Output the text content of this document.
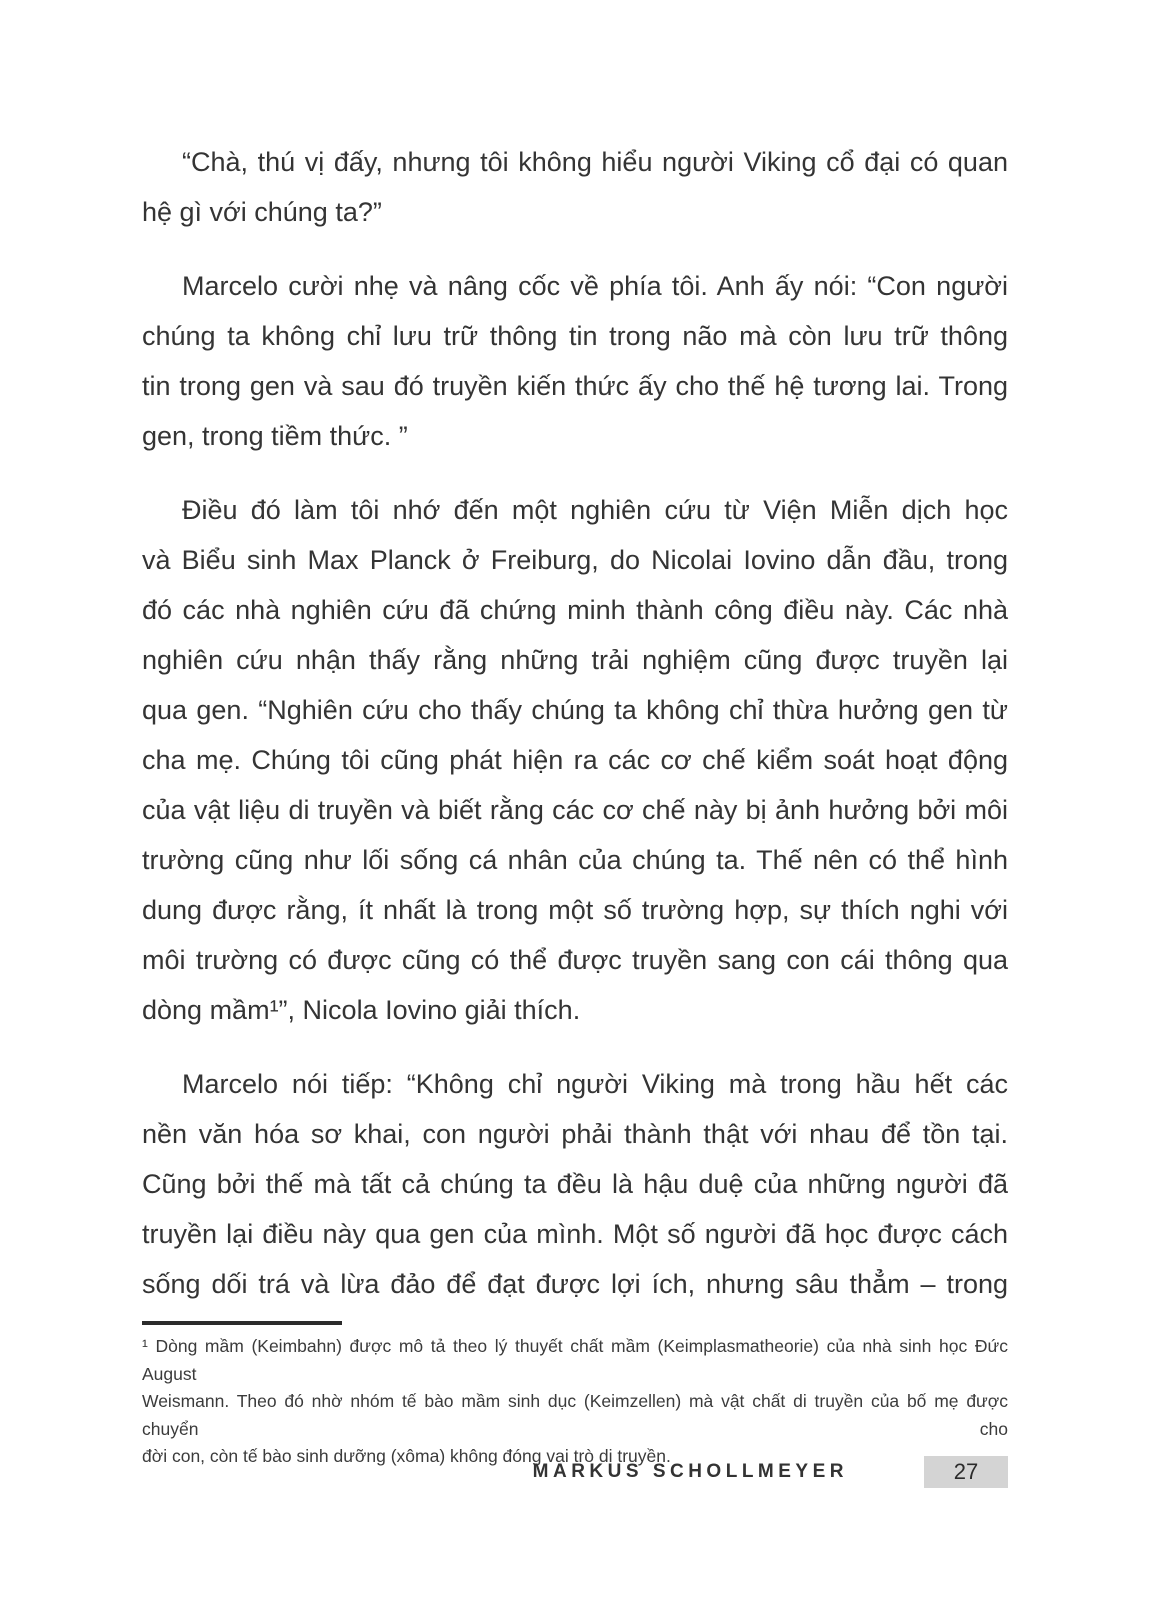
“Chà, thú vị đấy, nhưng tôi không hiểu người Viking cổ đại có quan
hệ gì với chúng ta?”
Marcelo cười nhẹ và nâng cốc về phía tôi. Anh ấy nói: “Con người
chúng ta không chỉ lưu trữ thông tin trong não mà còn lưu trữ thông
tin trong gen và sau đó truyền kiến thức ấy cho thế hệ tương lai. Trong
gen, trong tiềm thức. ”
Điều đó làm tôi nhớ đến một nghiên cứu từ Viện Miễn dịch học
và Biểu sinh Max Planck ở Freiburg, do Nicolai Iovino dẫn đầu, trong
đó các nhà nghiên cứu đã chứng minh thành công điều này. Các nhà
nghiên cứu nhận thấy rằng những trải nghiệm cũng được truyền lại
qua gen. “Nghiên cứu cho thấy chúng ta không chỉ thừa hưởng gen từ
cha mẹ. Chúng tôi cũng phát hiện ra các cơ chế kiểm soát hoạt động
của vật liệu di truyền và biết rằng các cơ chế này bị ảnh hưởng bởi môi
trường cũng như lối sống cá nhân của chúng ta. Thế nên có thể hình
dung được rằng, ít nhất là trong một số trường hợp, sự thích nghi với
môi trường có được cũng có thể được truyền sang con cái thông qua
dòng mầm¹”, Nicola Iovino giải thích.
Marcelo nói tiếp: “Không chỉ người Viking mà trong hầu hết các
nền văn hóa sơ khai, con người phải thành thật với nhau để tồn tại.
Cũng bởi thế mà tất cả chúng ta đều là hậu duệ của những người đã
truyền lại điều này qua gen của mình. Một số người đã học được cách
sống dối trá và lừa đảo để đạt được lợi ích, nhưng sâu thẳm – trong
¹ Dòng mầm (Keimbahn) được mô tả theo lý thuyết chất mầm (Keimplasmatheorie) của nhà sinh học Đức August
Weismann. Theo đó nhờ nhóm tế bào mầm sinh dục (Keimzellen) mà vật chất di truyền của bố mẹ được chuyển cho
đời con, còn tế bào sinh dưỡng (xôma) không đóng vai trò di truyền.
MARKUS SCHOLLMEYER	27
